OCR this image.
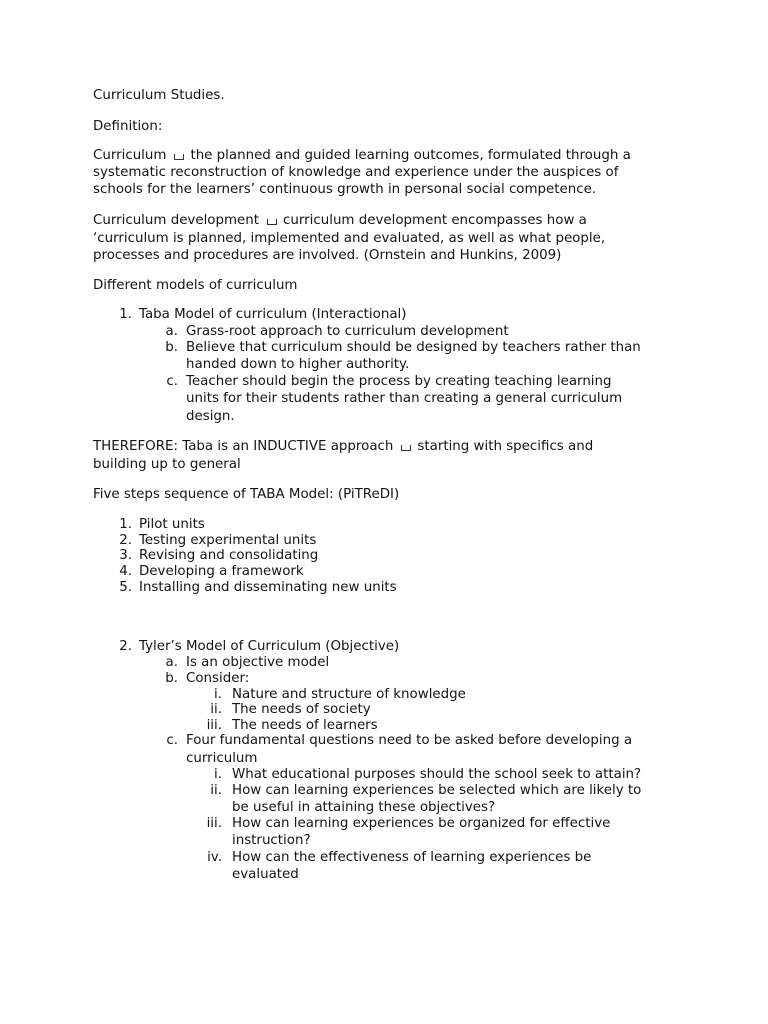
Curriculum Studies.
Definition:
Curriculum the planned and guided learning outcomes, formulated through a
systematic reconstruction of knowledge and experience under the auspices of
schools for the learners’ continuous growth in personal social competence.
Curriculum development curriculum development encompasses how a
‘curriculum is planned, implemented and evaluated, as well as what people,
processes and procedures are involved. (Ornstein and Hunkins, 2009)
Different models of curriculum
1. Taba Model of curriculum (Interactional)
a. Grass-root approach to curriculum development
b. Believe that curriculum should be designed by teachers rather than
handed down to higher authority.
c. Teacher should begin the process by creating teaching learning
units for their students rather than creating a general curriculum
design.
THEREFORE: Taba is an INDUCTIVE approach starting with specifics and
building up to general
Five steps sequence of TABA Model: (PiTReDI)
1. Pilot units
2. Testing experimental units
3. Revising and consolidating
4. Developing a framework
5. Installing and disseminating new units
2. Tyler’s Model of Curriculum (Objective)
a. Is an objective model
b. Consider:
i. Nature and structure of knowledge
ii. The needs of society
iii. The needs of learners
c. Four fundamental questions need to be asked before developing a
curriculum
i. What educational purposes should the school seek to attain?
ii. How can learning experiences be selected which are likely to
be useful in attaining these objectives?
iii. How can learning experiences be organized for effective
instruction?
iv. How can the effectiveness of learning experiences be
evaluated
